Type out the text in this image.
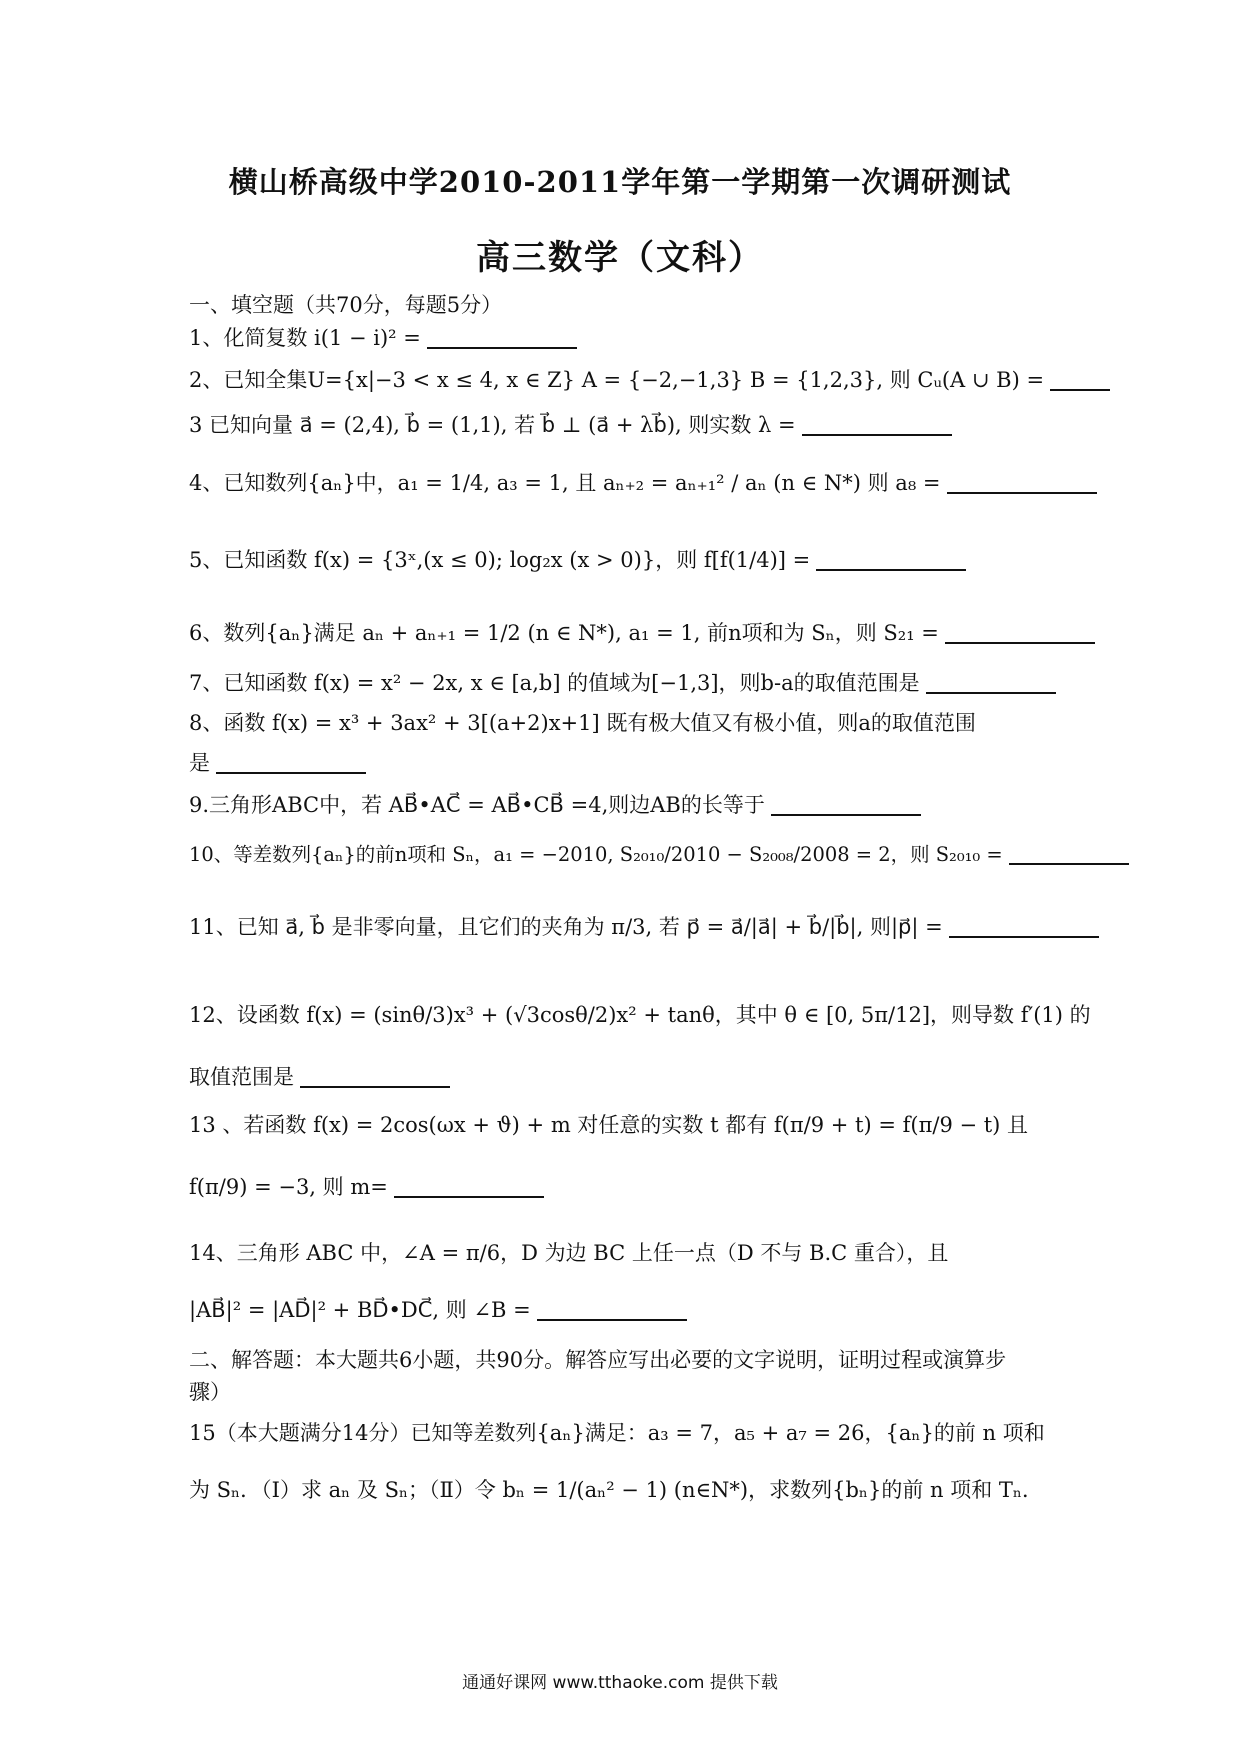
横山桥高级中学2010-2011学年第一学期第一次调研测试
高三数学（文科）
一、填空题（共70分，每题5分）
1、化简复数 i(1 − i)² =
2、已知全集U={x|−3 < x ≤ 4, x ∈ Z} A = {−2,−1,3} B = {1,2,3}, 则 Cᵤ(A ∪ B) =
3 已知向量 a⃗ = (2,4), b⃗ = (1,1), 若 b⃗ ⊥ (a⃗ + λb⃗), 则实数 λ =
4、已知数列{aₙ}中，a₁ = 1/4, a₃ = 1, 且 aₙ₊₂ = aₙ₊₁² / aₙ (n ∈ N*) 则 a₈ =
5、已知函数 f(x) = {3ˣ,(x ≤ 0); log₂x (x > 0)}，则 f[f(1/4)] =
6、数列{aₙ}满足 aₙ + aₙ₊₁ = 1/2 (n ∈ N*), a₁ = 1, 前n项和为 Sₙ，则 S₂₁ =
7、已知函数 f(x) = x² − 2x, x ∈ [a,b] 的值域为[−1,3]，则b-a的取值范围是
8、函数 f(x) = x³ + 3ax² + 3[(a+2)x+1] 既有极大值又有极小值，则a的取值范围
是
9.三角形ABC中，若 AB⃗•AC⃗ = AB⃗•CB⃗ =4,则边AB的长等于
10、等差数列{aₙ}的前n项和 Sₙ，a₁ = −2010, S₂₀₁₀/2010 − S₂₀₀₈/2008 = 2，则 S₂₀₁₀ =
11、已知 a⃗, b⃗ 是非零向量，且它们的夹角为 π/3, 若 p⃗ = a⃗/|a⃗| + b⃗/|b⃗|, 则|p⃗| =
12、设函数 f(x) = (sinθ/3)x³ + (√3cosθ/2)x² + tanθ，其中 θ ∈ [0, 5π/12]，则导数 f′(1) 的
取值范围是
13 、若函数 f(x) = 2cos(ωx + ϑ) + m 对任意的实数 t 都有 f(π/9 + t) = f(π/9 − t) 且
f(π/9) = −3, 则 m=
14、三角形 ABC 中，∠A = π/6，D 为边 BC 上任一点（D 不与 B.C 重合），且
|AB⃗|² = |AD⃗|² + BD⃗•DC⃗, 则 ∠B =
二、解答题：本大题共6小题，共90分。解答应写出必要的文字说明，证明过程或演算步
骤）
15（本大题满分14分）已知等差数列{aₙ}满足：a₃ = 7，a₅ + a₇ = 26，{aₙ}的前 n 项和
为 Sₙ．（Ⅰ）求 aₙ 及 Sₙ；（Ⅱ）令 bₙ = 1/(aₙ² − 1) (n∈N*)，求数列{bₙ}的前 n 项和 Tₙ．
通通好课网 www.tthaoke.com 提供下载
